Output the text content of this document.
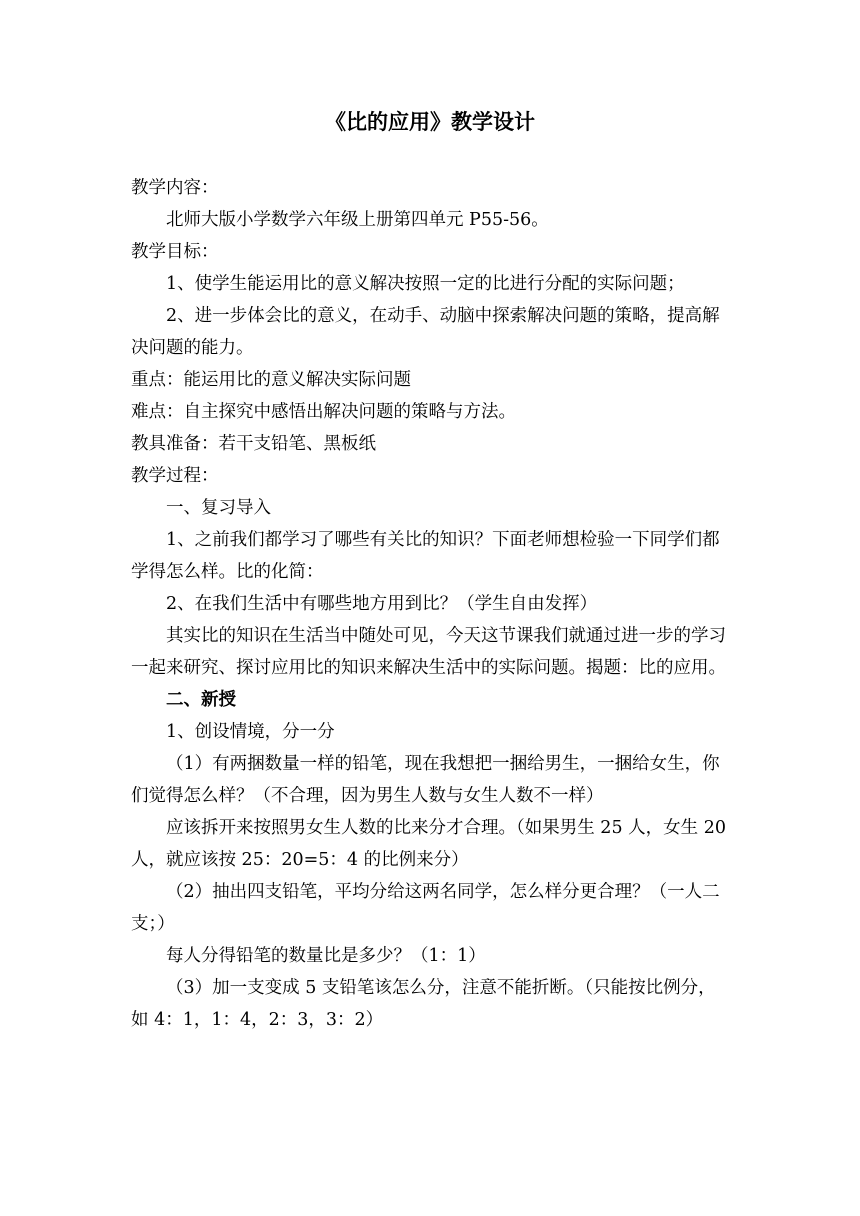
《比的应用》教学设计

教学内容：

北师大版小学数学六年级上册第四单元 P55-56。

教学目标：

1、使学生能运用比的意义解决按照一定的比进行分配的实际问题；

2、进一步体会比的意义，在动手、动脑中探索解决问题的策略，提高解决问题的能力。

重点：能运用比的意义解决实际问题

难点：自主探究中感悟出解决问题的策略与方法。

教具准备：若干支铅笔、黑板纸

教学过程：

一、复习导入

1、之前我们都学习了哪些有关比的知识？下面老师想检验一下同学们都学得怎么样。比的化简：

2、在我们生活中有哪些地方用到比？（学生自由发挥）

其实比的知识在生活当中随处可见，今天这节课我们就通过进一步的学习一起来研究、探讨应用比的知识来解决生活中的实际问题。揭题：比的应用。

二、新授

1、创设情境，分一分

（1）有两捆数量一样的铅笔，现在我想把一捆给男生，一捆给女生，你们觉得怎么样？（不合理，因为男生人数与女生人数不一样）

应该拆开来按照男女生人数的比来分才合理。（如果男生 25 人，女生 20 人，就应该按 25：20=5：4 的比例来分）

（2）抽出四支铅笔，平均分给这两名同学，怎么样分更合理？（一人二支；）

每人分得铅笔的数量比是多少？（1：1）

（3）加一支变成 5 支铅笔该怎么分，注意不能折断。（只能按比例分，如 4：1，1：4，2：3，3：2）
